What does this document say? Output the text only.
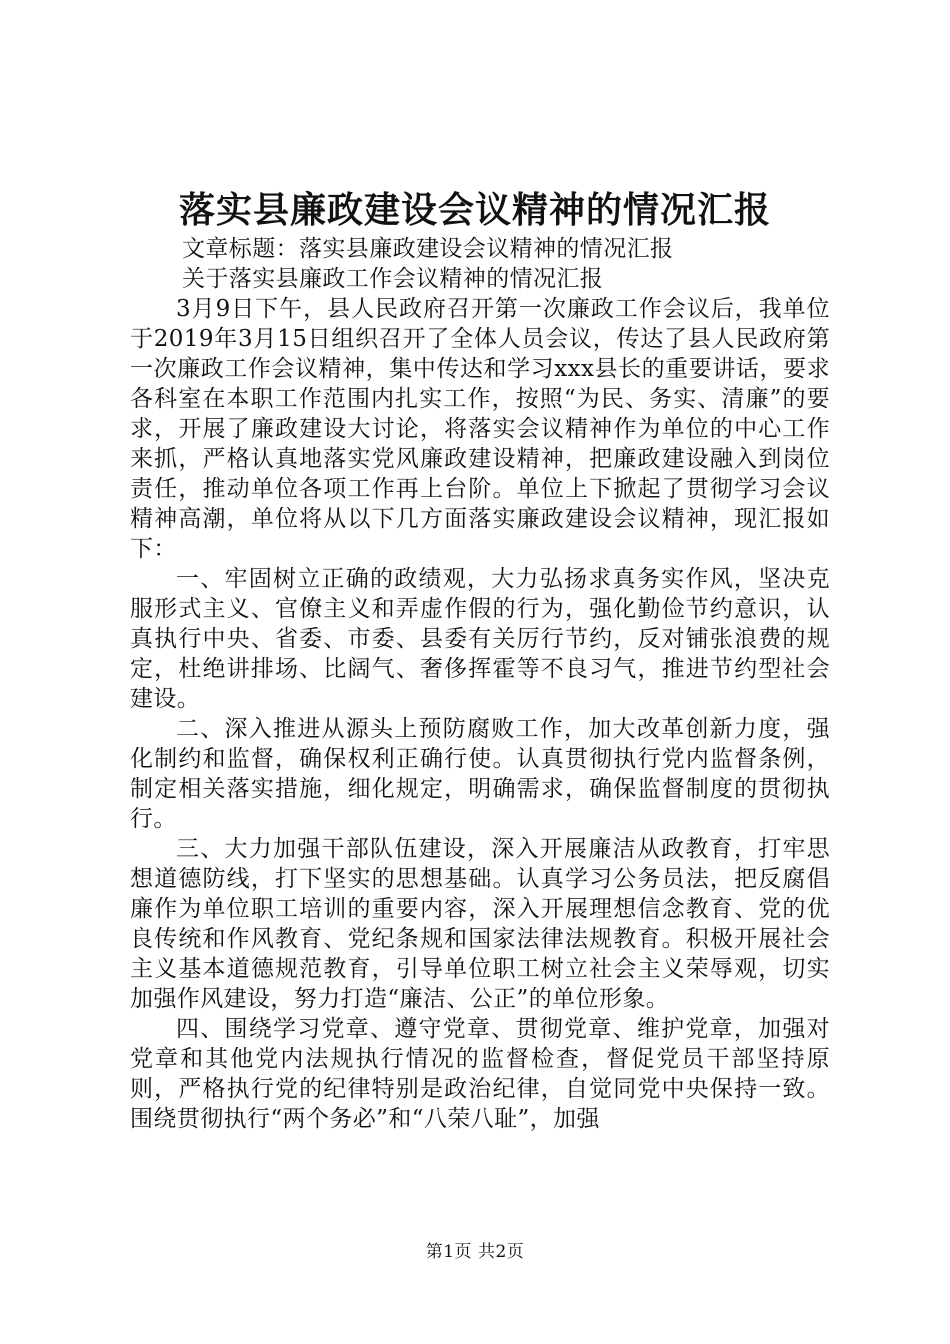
落实县廉政建设会议精神的情况汇报

文章标题：落实县廉政建设会议精神的情况汇报

关于落实县廉政工作会议精神的情况汇报

3月9日下午，县人民政府召开第一次廉政工作会议后，我单位于2019年3月15日组织召开了全体人员会议，传达了县人民政府第一次廉政工作会议精神，集中传达和学习xxx县长的重要讲话，要求各科室在本职工作范围内扎实工作，按照“为民、务实、清廉”的要求，开展了廉政建设大讨论，将落实会议精神作为单位的中心工作来抓，严格认真地落实党风廉政建设精神，把廉政建设融入到岗位责任，推动单位各项工作再上台阶。单位上下掀起了贯彻学习会议精神高潮，单位将从以下几方面落实廉政建设会议精神，现汇报如下：

一、牢固树立正确的政绩观，大力弘扬求真务实作风，坚决克服形式主义、官僚主义和弄虚作假的行为，强化勤俭节约意识，认真执行中央、省委、市委、县委有关厉行节约，反对铺张浪费的规定，杜绝讲排场、比阔气、奢侈挥霍等不良习气，推进节约型社会建设。

二、深入推进从源头上预防腐败工作，加大改革创新力度，强化制约和监督，确保权利正确行使。认真贯彻执行党内监督条例，制定相关落实措施，细化规定，明确需求，确保监督制度的贯彻执行。

三、大力加强干部队伍建设，深入开展廉洁从政教育，打牢思想道德防线，打下坚实的思想基础。认真学习公务员法，把反腐倡廉作为单位职工培训的重要内容，深入开展理想信念教育、党的优良传统和作风教育、党纪条规和国家法律法规教育。积极开展社会主义基本道德规范教育，引导单位职工树立社会主义荣辱观，切实加强作风建设，努力打造“廉洁、公正”的单位形象。

四、围绕学习党章、遵守党章、贯彻党章、维护党章，加强对党章和其他党内法规执行情况的监督检查，督促党员干部坚持原则，严格执行党的纪律特别是政治纪律，自觉同党中央保持一致。围绕贯彻执行“两个务必”和“八荣八耻”，加强

第1页 共2页
